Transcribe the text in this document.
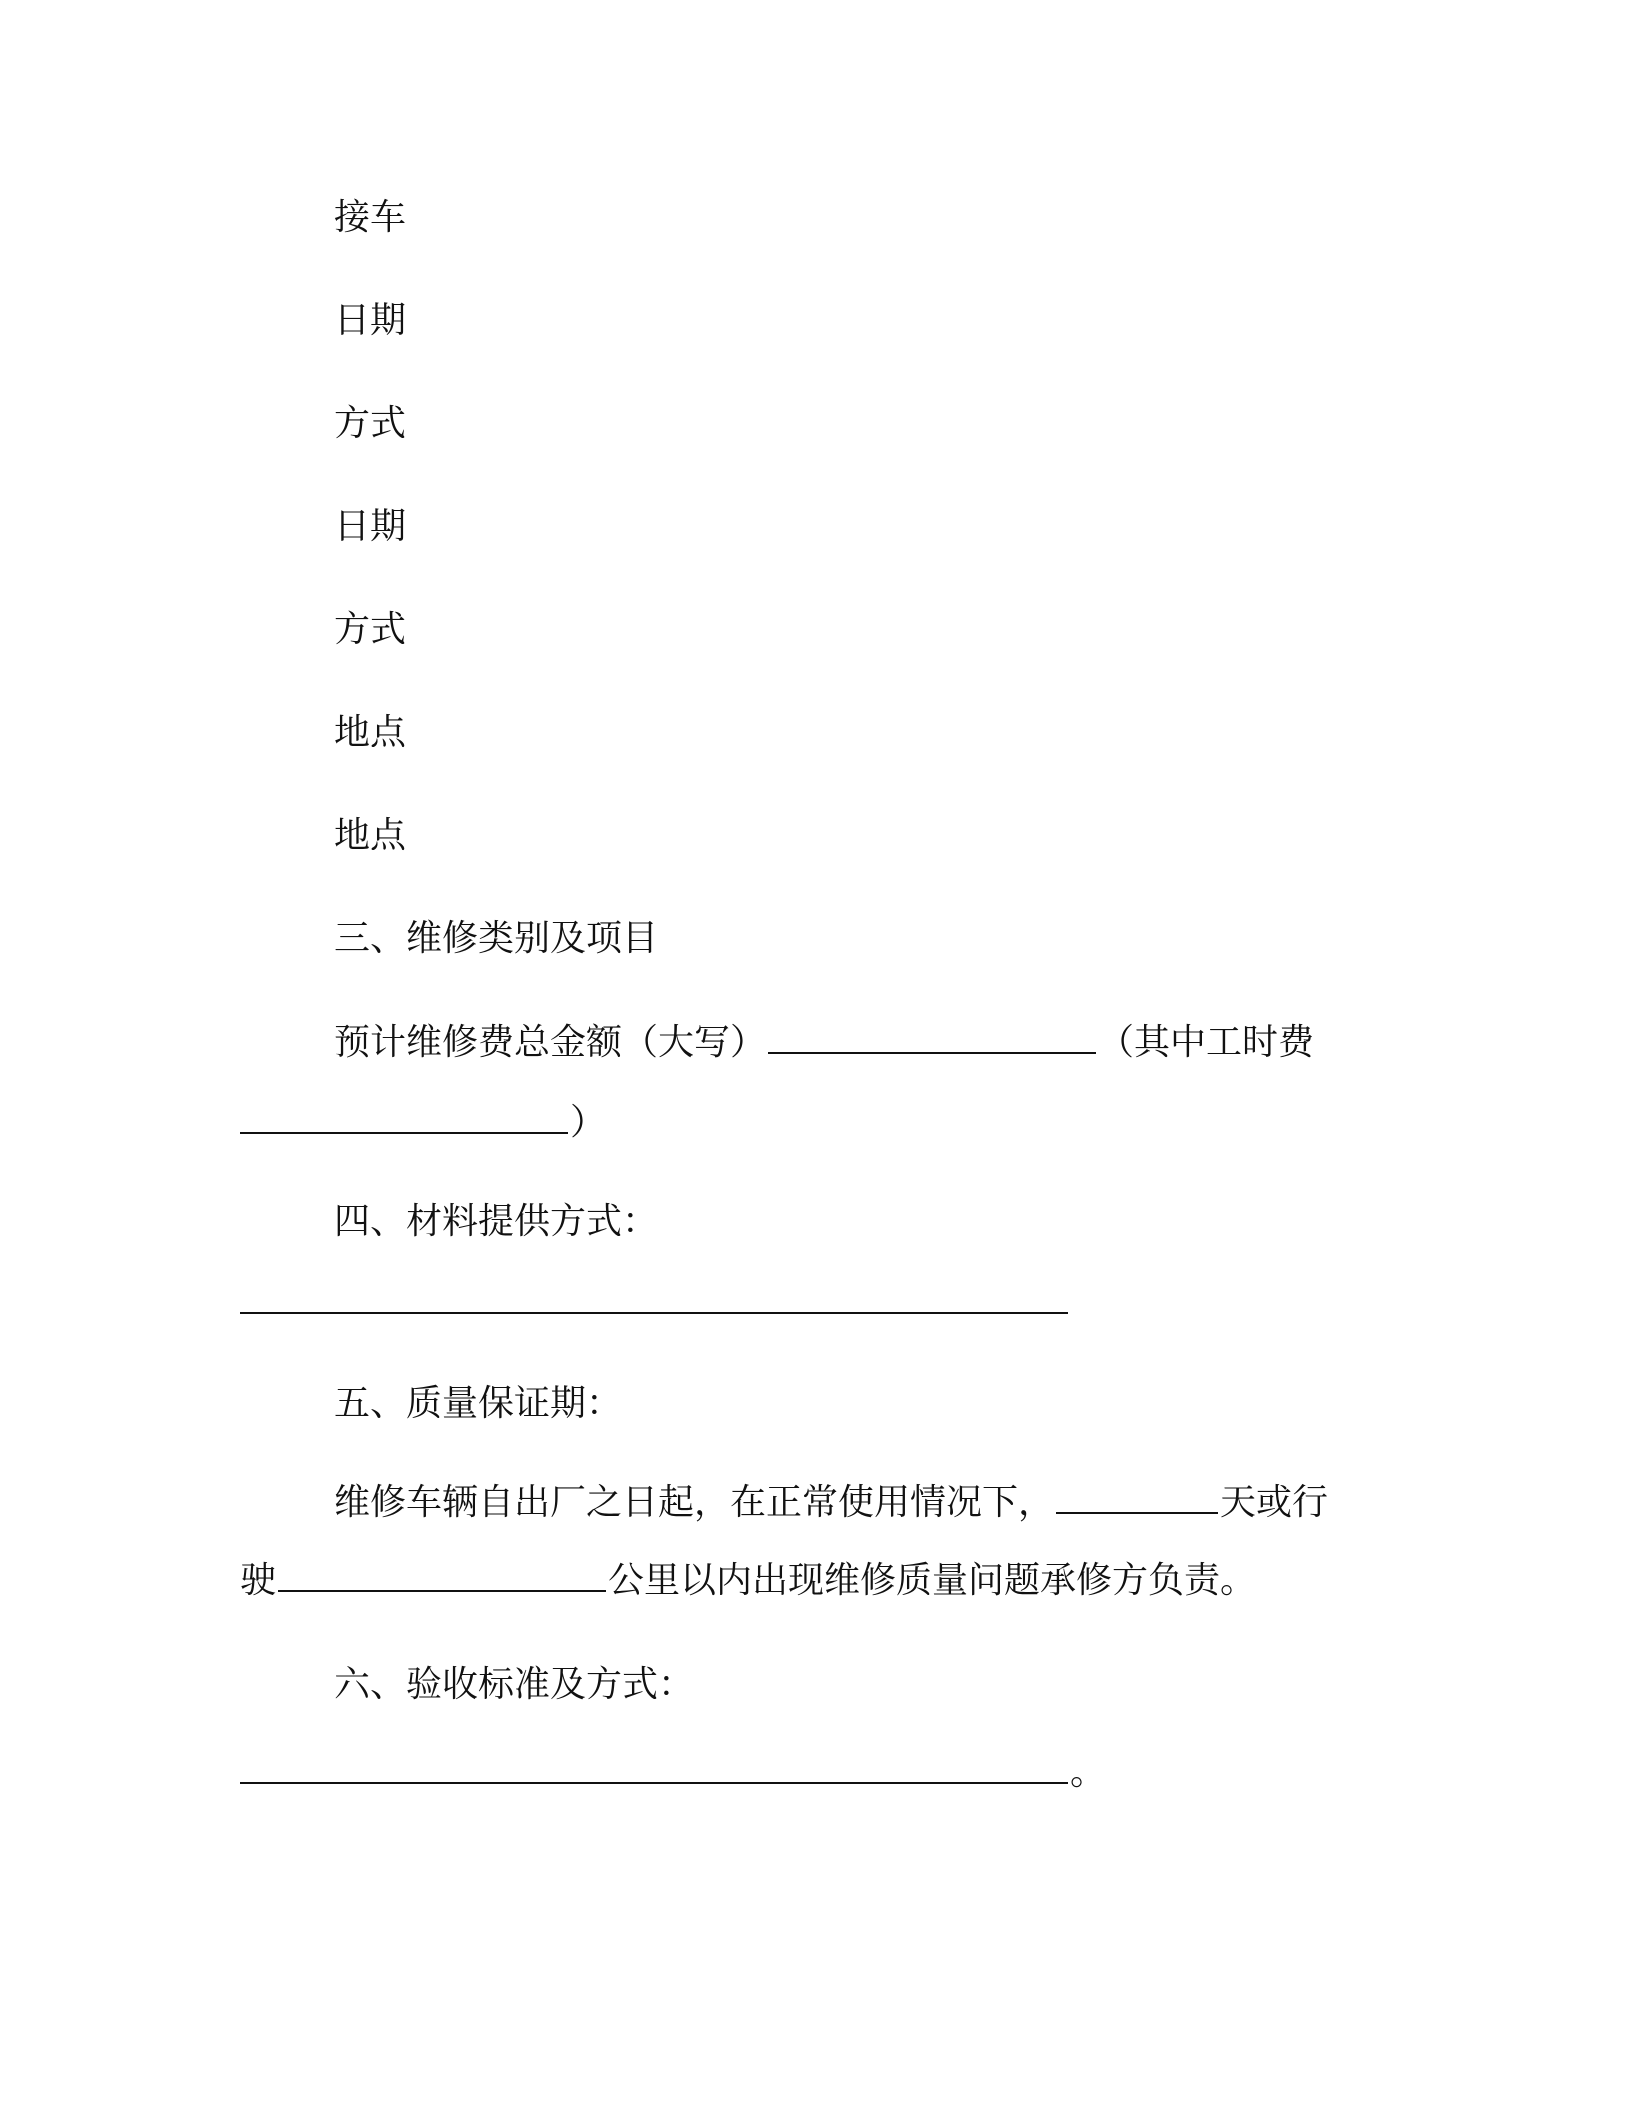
接车
日期
方式
日期
方式
地点
地点
三、维修类别及项目
预计维修费总金额（大写）	（其中工时费
）
四、材料提供方式：
五、质量保证期：
维修车辆自出厂之日起，在正常使用情况下，	天或行
驶	公里以内出现维修质量问题承修方负责。
六、验收标准及方式：
。
